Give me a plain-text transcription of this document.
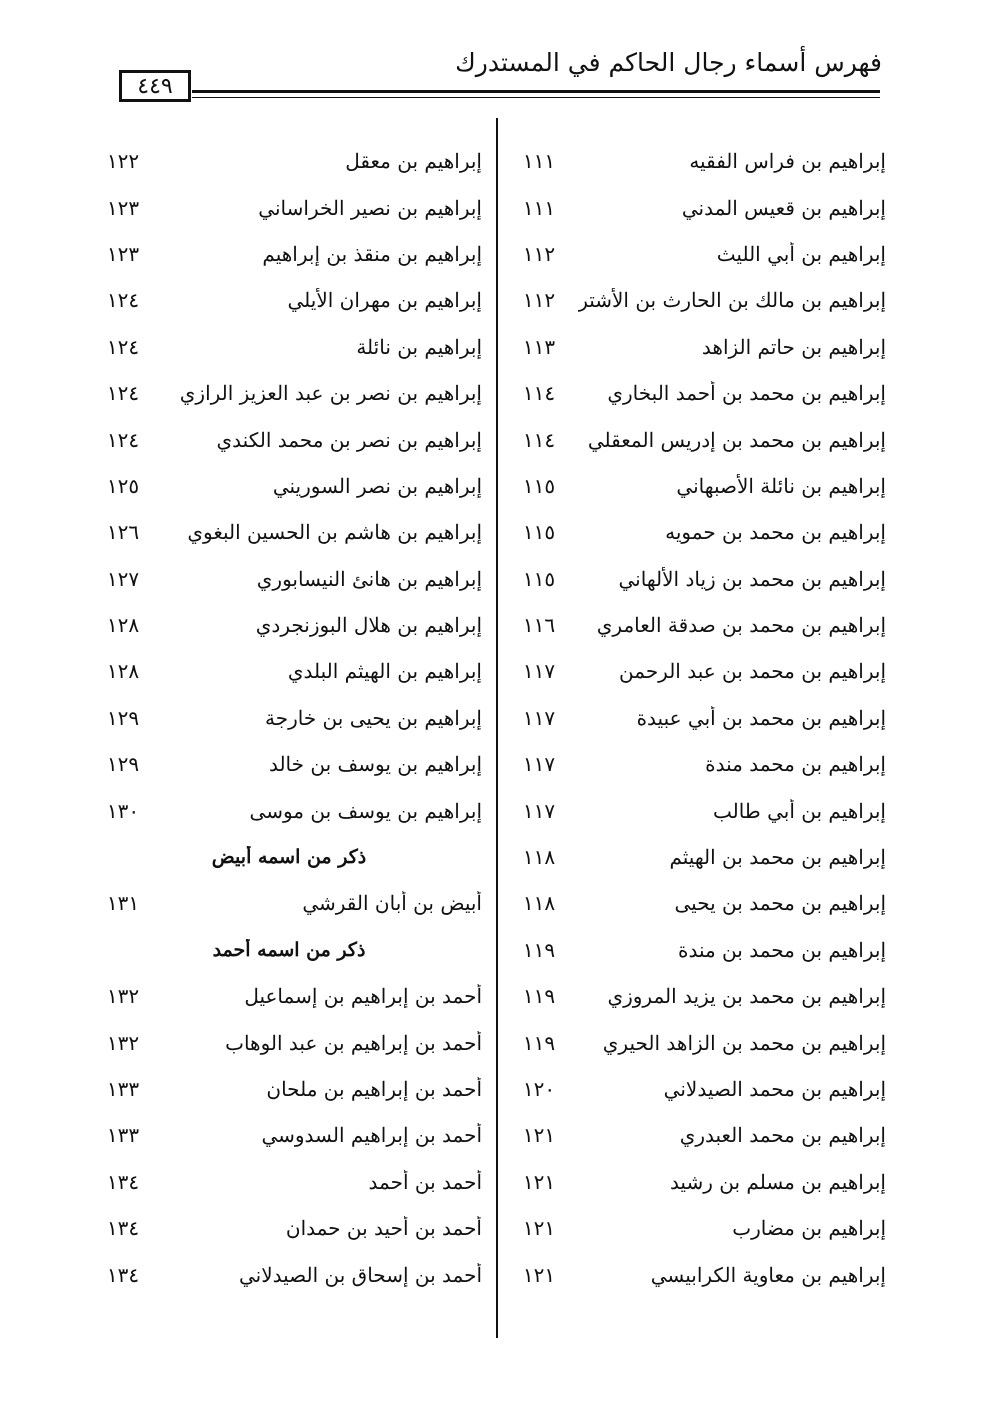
فهرس أسماء رجال الحاكم في المستدرك
٤٤٩
إبراهيم بن فراس الفقيه
١١١
إبراهيم بن قعيس المدني
١١١
إبراهيم بن أبي الليث
١١٢
إبراهيم بن مالك بن الحارث بن الأشتر
١١٢
إبراهيم بن حاتم الزاهد
١١٣
إبراهيم بن محمد بن أحمد البخاري
١١٤
إبراهيم بن محمد بن إدريس المعقلي
١١٤
إبراهيم بن نائلة الأصبهاني
١١٥
إبراهيم بن محمد بن حمويه
١١٥
إبراهيم بن محمد بن زياد الألهاني
١١٥
إبراهيم بن محمد بن صدقة العامري
١١٦
إبراهيم بن محمد بن عبد الرحمن
١١٧
إبراهيم بن محمد بن أبي عبيدة
١١٧
إبراهيم بن محمد مندة
١١٧
إبراهيم بن أبي طالب
١١٧
إبراهيم بن محمد بن الهيثم
١١٨
إبراهيم بن محمد بن يحيى
١١٨
إبراهيم بن محمد بن مندة
١١٩
إبراهيم بن محمد بن يزيد المروزي
١١٩
إبراهيم بن محمد بن الزاهد الحيري
١١٩
إبراهيم بن محمد الصيدلاني
١٢٠
إبراهيم بن محمد العبدري
١٢١
إبراهيم بن مسلم بن رشيد
١٢١
إبراهيم بن مضارب
١٢١
إبراهيم بن معاوية الكرابيسي
١٢١
إبراهيم بن معقل
١٢٢
إبراهيم بن نصير الخراساني
١٢٣
إبراهيم بن منقذ بن إبراهيم
١٢٣
إبراهيم بن مهران الأيلي
١٢٤
إبراهيم بن نائلة
١٢٤
إبراهيم بن نصر بن عبد العزيز الرازي
١٢٤
إبراهيم بن نصر بن محمد الكندي
١٢٤
إبراهيم بن نصر السوريني
١٢٥
إبراهيم بن هاشم بن الحسين البغوي
١٢٦
إبراهيم بن هانئ النيسابوري
١٢٧
إبراهيم بن هلال البوزنجردي
١٢٨
إبراهيم بن الهيثم البلدي
١٢٨
إبراهيم بن يحيى بن خارجة
١٢٩
إبراهيم بن يوسف بن خالد
١٢٩
إبراهيم بن يوسف بن موسى
١٣٠
ذكر من اسمه أبيض
أبيض بن أبان القرشي
١٣١
ذكر من اسمه أحمد
أحمد بن إبراهيم بن إسماعيل
١٣٢
أحمد بن إبراهيم بن عبد الوهاب
١٣٢
أحمد بن إبراهيم بن ملحان
١٣٣
أحمد بن إبراهيم السدوسي
١٣٣
أحمد بن أحمد
١٣٤
أحمد بن أحيد بن حمدان
١٣٤
أحمد بن إسحاق بن الصيدلاني
١٣٤
